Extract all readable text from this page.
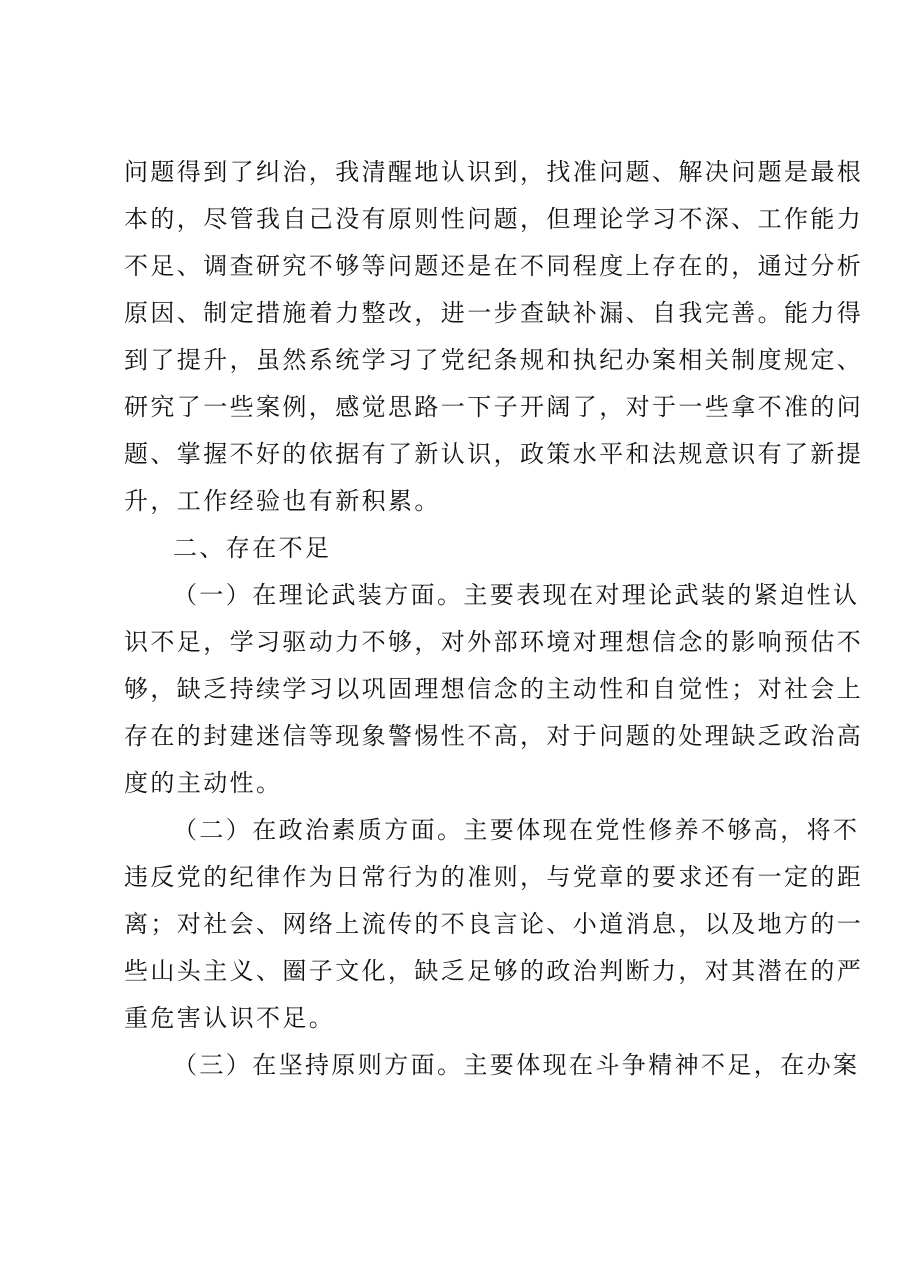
问题得到了纠治，我清醒地认识到，找准问题、解决问题是最根
本的，尽管我自己没有原则性问题，但理论学习不深、工作能力
不足、调查研究不够等问题还是在不同程度上存在的，通过分析
原因、制定措施着力整改，进一步查缺补漏、自我完善。能力得
到了提升，虽然系统学习了党纪条规和执纪办案相关制度规定、
研究了一些案例，感觉思路一下子开阔了，对于一些拿不准的问
题、掌握不好的依据有了新认识，政策水平和法规意识有了新提
升，工作经验也有新积累。
二、存在不足
（一）在理论武装方面。主要表现在对理论武装的紧迫性认
识不足，学习驱动力不够，对外部环境对理想信念的影响预估不
够，缺乏持续学习以巩固理想信念的主动性和自觉性；对社会上
存在的封建迷信等现象警惕性不高，对于问题的处理缺乏政治高
度的主动性。
（二）在政治素质方面。主要体现在党性修养不够高，将不
违反党的纪律作为日常行为的准则，与党章的要求还有一定的距
离；对社会、网络上流传的不良言论、小道消息，以及地方的一
些山头主义、圈子文化，缺乏足够的政治判断力，对其潜在的严
重危害认识不足。
（三）在坚持原则方面。主要体现在斗争精神不足，在办案
